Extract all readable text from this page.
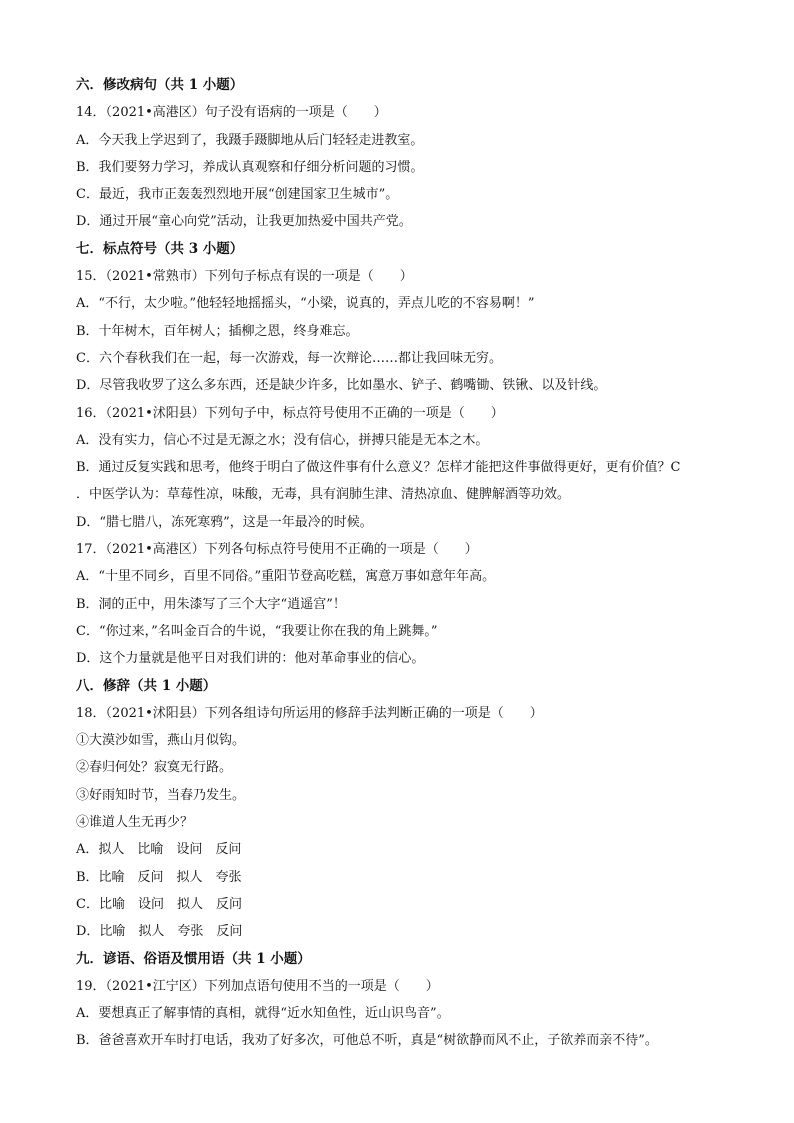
六．修改病句（共 1 小题）
14．（2021•高港区）句子没有语病的一项是（　　）
A．今天我上学迟到了，我蹑手蹑脚地从后门轻轻走进教室。
B．我们要努力学习，养成认真观察和仔细分析问题的习惯。
C．最近，我市正轰轰烈烈地开展“创建国家卫生城市”。
D．通过开展“童心向党”活动，让我更加热爱中国共产党。
七．标点符号（共 3 小题）
15．（2021•常熟市）下列句子标点有误的一项是（　　）
A．“不行，太少啦。”他轻轻地摇摇头，“小梁，说真的，弄点儿吃的不容易啊！”
B．十年树木，百年树人；插柳之恩，终身难忘。
C．六个春秋我们在一起，每一次游戏，每一次辩论……都让我回味无穷。
D．尽管我收罗了这么多东西，还是缺少许多，比如墨水、铲子、鹤嘴锄、铁锹、以及针线。
16．（2021•沭阳县）下列句子中，标点符号使用不正确的一项是（　　）
A．没有实力，信心不过是无源之水；没有信心，拼搏只能是无本之木。
B．通过反复实践和思考，他终于明白了做这件事有什么意义？怎样才能把这件事做得更好，更有价值？C
．中医学认为：草莓性凉，味酸，无毒，具有润肺生津、清热凉血、健脾解酒等功效。
D．“腊七腊八，冻死寒鸦”，这是一年最冷的时候。
17．（2021•高港区）下列各句标点符号使用不正确的一项是（　　）
A．“十里不同乡，百里不同俗。”重阳节登高吃糕，寓意万事如意年年高。
B．洞的正中，用朱漆写了三个大字“逍遥宫”！
C．“你过来，”名叫金百合的牛说，“我要让你在我的角上跳舞。”
D．这个力量就是他平日对我们讲的：他对革命事业的信心。
八．修辞（共 1 小题）
18．（2021•沭阳县）下列各组诗句所运用的修辞手法判断正确的一项是（　　）
①大漠沙如雪，燕山月似钩。
②春归何处？寂寞无行路。
③好雨知时节，当春乃发生。
④谁道人生无再少？
A．拟人　比喻　设问　反问
B．比喻　反问　拟人　夸张
C．比喻　设问　拟人　反问
D．比喻　拟人　夸张　反问
九．谚语、俗语及惯用语（共 1 小题）
19．（2021•江宁区）下列加点语句使用不当的一项是（　　）
A．要想真正了解事情的真相，就得“近水知鱼性，近山识鸟音”。
B．爸爸喜欢开车时打电话，我劝了好多次，可他总不听，真是“树欲静而风不止，子欲养而亲不待”。
